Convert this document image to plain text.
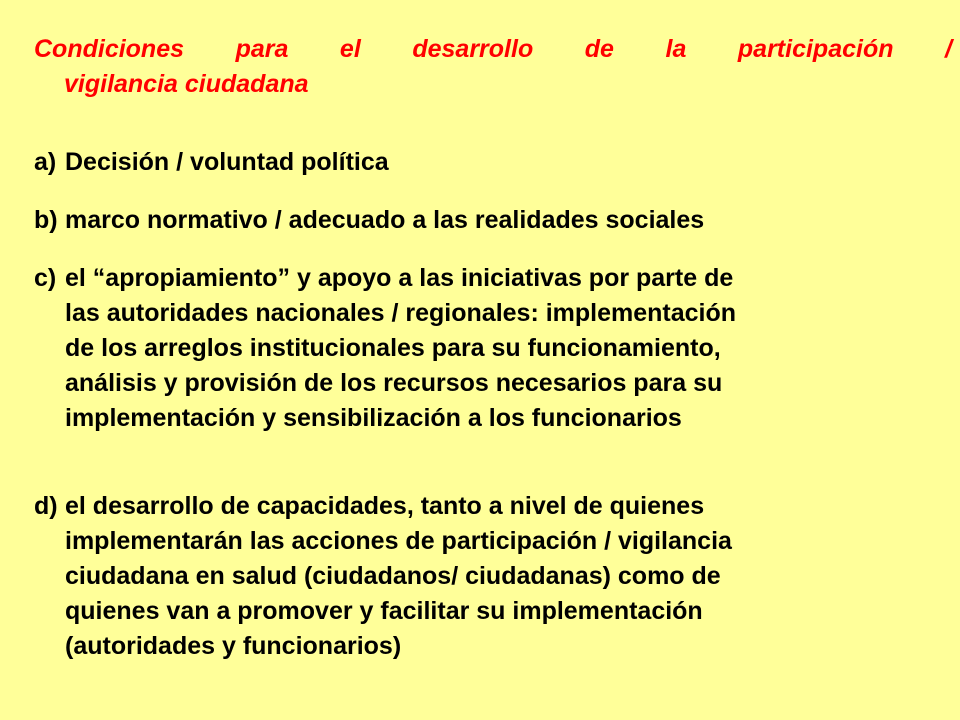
Condiciones para el desarrollo de la participación /
vigilancia ciudadana
a) Decisión / voluntad política
b) marco normativo / adecuado a las realidades sociales
c) el “apropiamiento” y apoyo a las iniciativas por parte de
las autoridades nacionales / regionales: implementación
de los arreglos institucionales para su funcionamiento,
análisis y provisión de los recursos necesarios para su
implementación y sensibilización a los funcionarios
d) el desarrollo de capacidades, tanto a nivel de quienes
implementarán las acciones de participación / vigilancia
ciudadana en salud (ciudadanos/ ciudadanas) como de
quienes van a promover y facilitar su implementación
(autoridades y funcionarios)
